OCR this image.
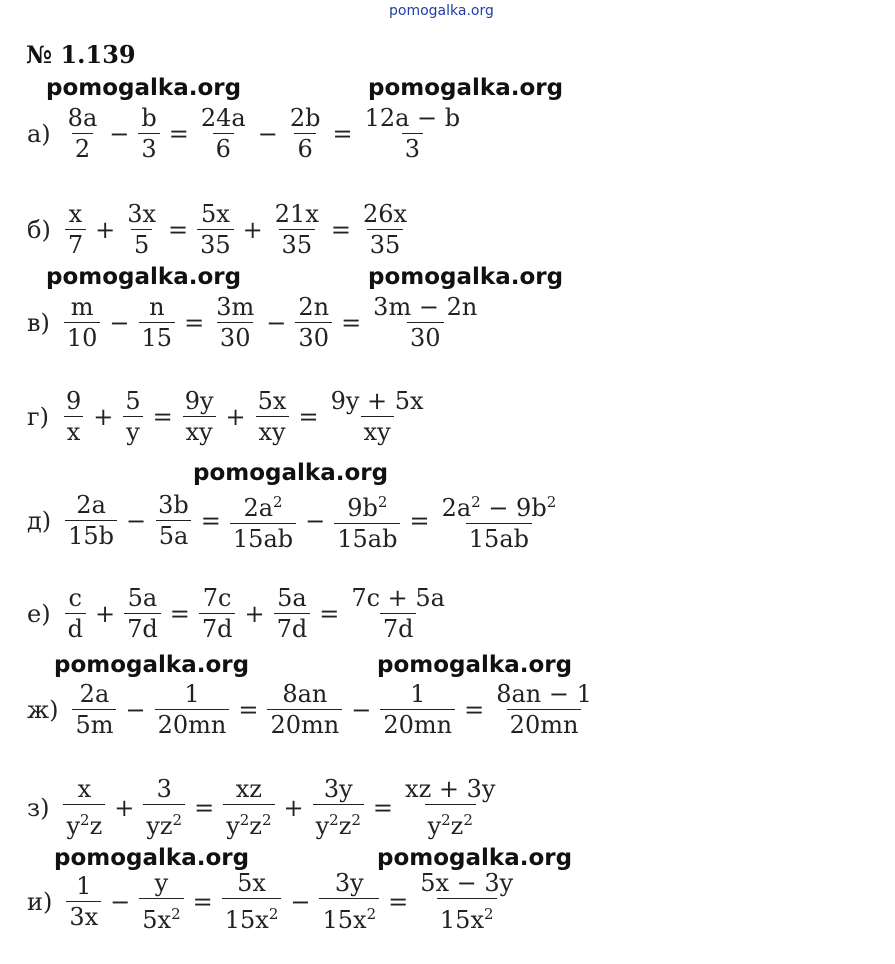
pomogalka.org
№ 1.139
pomogalka.org	pomogalka.org
pomogalka.org	pomogalka.org
pomogalka.org
pomogalka.org	pomogalka.org
pomogalka.org	pomogalka.org
$а) \frac{8a}{2} - \frac{b}{3} = \frac{24a}{6} - \frac{2b}{6} = \frac{12a - b}{3}$
$б) \frac{x}{7} + \frac{3x}{5} = \frac{5x}{35} + \frac{21x}{35} = \frac{26x}{35}$
$в) \frac{m}{10} - \frac{n}{15} = \frac{3m}{30} - \frac{2n}{30} = \frac{3m - 2n}{30}$
$г) \frac{9}{x} + \frac{5}{y} = \frac{9y}{xy} + \frac{5x}{xy} = \frac{9y + 5x}{xy}$
$д) \frac{2a}{15b} - \frac{3b}{5a} = \frac{2a^2}{15ab} - \frac{9b^2}{15ab} = \frac{2a^2 - 9b^2}{15ab}$
$е) \frac{c}{d} + \frac{5a}{7d} = \frac{7c}{7d} + \frac{5a}{7d} = \frac{7c + 5a}{7d}$
$ж) \frac{2a}{5m} - \frac{1}{20mn} = \frac{8an}{20mn} - \frac{1}{20mn} = \frac{8an - 1}{20mn}$
$з) \frac{x}{y^2z} + \frac{3}{yz^2} = \frac{xz}{y^2z^2} + \frac{3y}{y^2z^2} = \frac{xz + 3y}{y^2z^2}$
$и) \frac{1}{3x} - \frac{y}{5x^2} = \frac{5x}{15x^2} - \frac{3y}{15x^2} = \frac{5x - 3y}{15x^2}$
